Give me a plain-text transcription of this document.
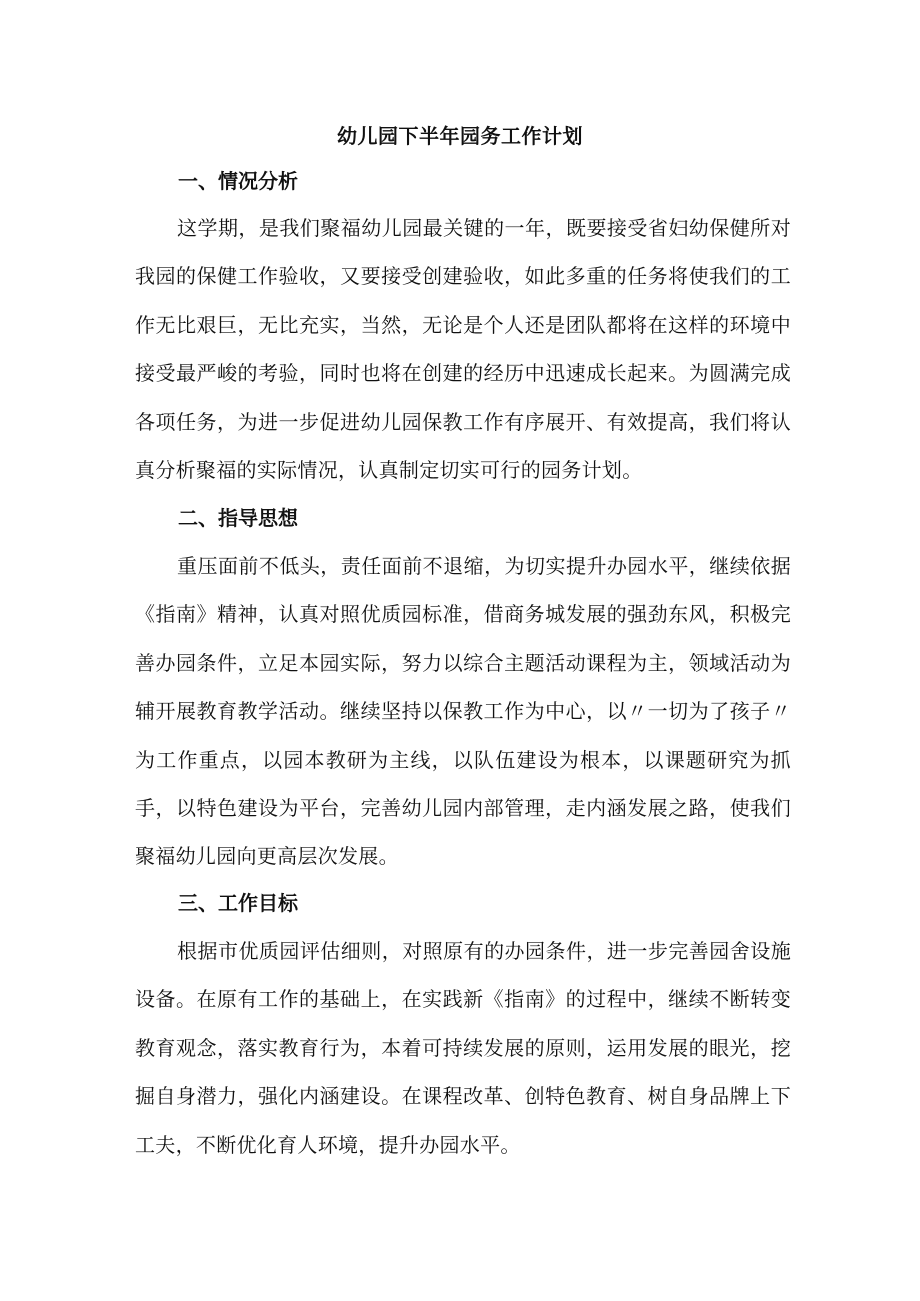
幼儿园下半年园务工作计划
一、情况分析

这学期，是我们聚福幼儿园最关键的一年，既要接受省妇幼保健所对我园的保健工作验收，又要接受创建验收，如此多重的任务将使我们的工作无比艰巨，无比充实，当然，无论是个人还是团队都将在这样的环境中接受最严峻的考验，同时也将在创建的经历中迅速成长起来。为圆满完成各项任务，为进一步促进幼儿园保教工作有序展开、有效提高，我们将认真分析聚福的实际情况，认真制定切实可行的园务计划。

二、指导思想

重压面前不低头，责任面前不退缩，为切实提升办园水平，继续依据《指南》精神，认真对照优质园标准，借商务城发展的强劲东风，积极完善办园条件，立足本园实际，努力以综合主题活动课程为主，领域活动为辅开展教育教学活动。继续坚持以保教工作为中心，以〃一切为了孩子〃为工作重点，以园本教研为主线，以队伍建设为根本，以课题研究为抓手，以特色建设为平台，完善幼儿园内部管理，走内涵发展之路，使我们聚福幼儿园向更高层次发展。

三、工作目标

根据市优质园评估细则，对照原有的办园条件，进一步完善园舍设施设备。在原有工作的基础上，在实践新《指南》的过程中，继续不断转变教育观念，落实教育行为，本着可持续发展的原则，运用发展的眼光，挖掘自身潜力，强化内涵建设。在课程改革、创特色教育、树自身品牌上下工夫，不断优化育人环境，提升办园水平。
